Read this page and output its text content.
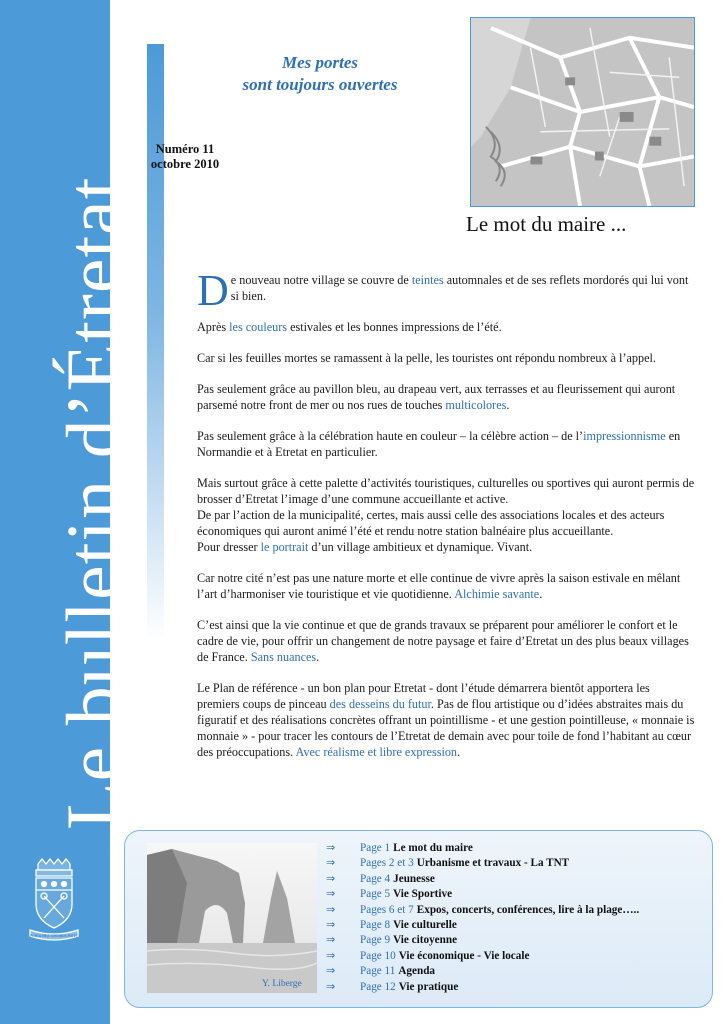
Le bulletin d’Étretat
PORTA MEA OMNIBUS PATET
Mes portes
sont toujours ouvertes
Numéro 11
octobre 2010
Le mot du maire ...

D e nouveau notre village se couvre de teintes automnales et de ses reflets mordorés qui lui vont si bien.

Après les couleurs estivales et les bonnes impressions de l’été.

Car si les feuilles mortes se ramassent à la pelle, les touristes ont répondu nombreux à l’appel.

Pas seulement grâce au pavillon bleu, au drapeau vert, aux terrasses et au fleurissement qui auront parsemé notre front de mer ou nos rues de touches multicolores.

Pas seulement grâce à la célébration haute en couleur – la célèbre action – de l’impressionnisme en Normandie et à Etretat en particulier.

Mais surtout grâce à cette palette d’activités touristiques, culturelles ou sportives qui auront permis de brosser d’Etretat l’image d’une commune accueillante et active.
De par l’action de la municipalité, certes, mais aussi celle des associations locales et des acteurs économiques qui auront animé l’été et rendu notre station balnéaire plus accueillante.
Pour dresser le portrait d’un village ambitieux et dynamique. Vivant.

Car notre cité n’est pas une nature morte et elle continue de vivre après la saison estivale en mêlant l’art d’harmoniser vie touristique et vie quotidienne. Alchimie savante.

C’est ainsi que la vie continue et que de grands travaux se préparent pour améliorer le confort et le cadre de vie, pour offrir un changement de notre paysage et faire d’Etretat un des plus beaux villages de France. Sans nuances.

Le Plan de référence - un bon plan pour Etretat - dont l’étude démarrera bientôt apportera les premiers coups de pinceau des desseins du futur. Pas de flou artistique ou d’idées abstraites mais du figuratif et des réalisations concrètes offrant un pointillisme - et une gestion pointilleuse, « monnaie is monnaie » - pour tracer les contours de l’Etretat de demain avec pour toile de fond l’habitant au cœur des préoccupations. Avec réalisme et libre expression.

Y. Liberge
⇒	Page 1 Le mot du maire
⇒	Pages 2 et 3 Urbanisme et travaux - La TNT
⇒	Page 4 Jeunesse
⇒	Page 5 Vie Sportive
⇒	Pages 6 et 7 Expos, concerts, conférences, lire à la plage…..
⇒	Page 8 Vie culturelle
⇒	Page 9 Vie citoyenne
⇒	Page 10 Vie économique - Vie locale
⇒	Page 11 Agenda
⇒	Page 12 Vie pratique
